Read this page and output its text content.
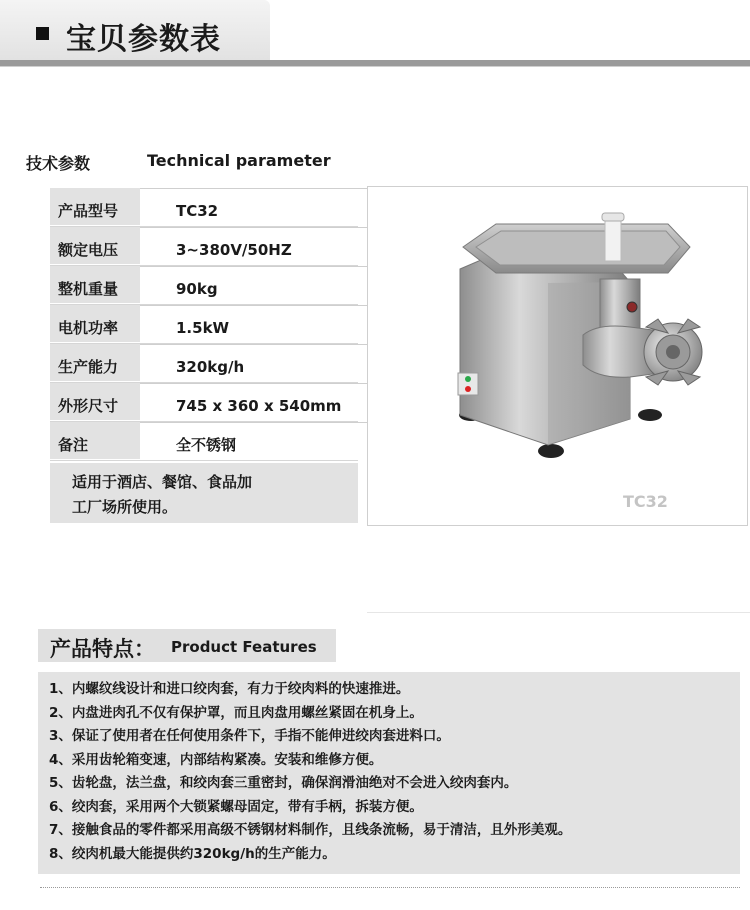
宝贝参数表
技术参数	Technical parameter
产品型号	TC32
额定电压	3~380V/50HZ
整机重量	90kg
电机功率	1.5kW
生产能力	320kg/h
外形尺寸	745 x 360 x 540mm
备注	全不锈钢
适用于酒店、餐馆、食品加
工厂场所使用。	TC32
产品特点： Product Features
1、内螺纹线设计和进口绞肉套，有力于绞肉料的快速推进。
2、内盘进肉孔不仅有保护罩，而且肉盘用螺丝紧固在机身上。
3、保证了使用者在任何使用条件下，手指不能伸进绞肉套进料口。
4、采用齿轮箱变速，内部结构紧凑。安装和维修方便。
5、齿轮盘，法兰盘，和绞肉套三重密封，确保润滑油绝对不会进入绞肉套内。
6、绞肉套，采用两个大锁紧螺母固定，带有手柄，拆装方便。
7、接触食品的零件都采用高级不锈钢材料制作，且线条流畅，易于清洁，且外形美观。
8、绞肉机最大能提供约320kg/h的生产能力。
